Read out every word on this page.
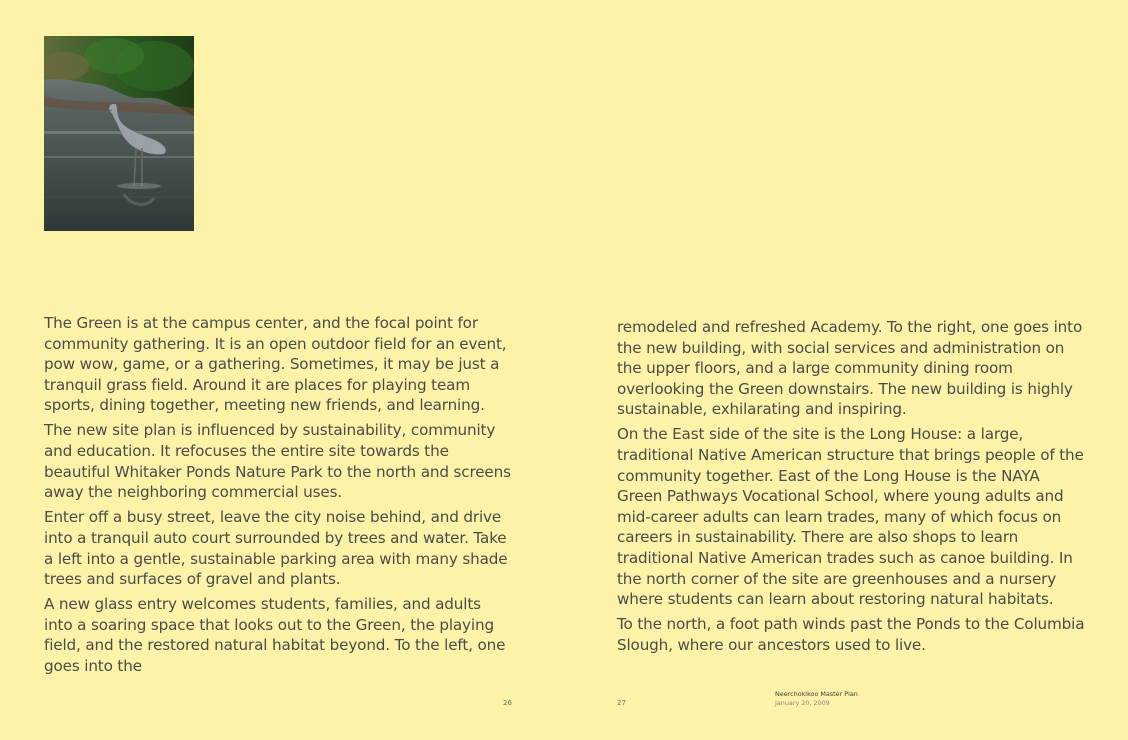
The Green is at the campus center, and the focal point for community gathering. It is an open outdoor field for an event, pow wow, game, or a gathering. Sometimes, it may be just a tranquil grass field. Around it are places for playing team sports, dining together, meeting new friends, and learning.

The new site plan is influenced by sustainability, community and education. It refocuses the entire site towards the beautiful Whitaker Ponds Nature Park to the north and screens away the neighboring commercial uses.

Enter off a busy street, leave the city noise behind, and drive into a tranquil auto court surrounded by trees and water. Take a left into a gentle, sustainable parking area with many shade trees and surfaces of gravel and plants.

A new glass entry welcomes students, families, and adults into a soaring space that looks out to the Green, the playing field, and the restored natural habitat beyond. To the left, one goes into the

remodeled and refreshed Academy. To the right, one goes into the new building, with social services and administration on the upper floors, and a large community dining room overlooking the Green downstairs. The new building is highly sustainable, exhilarating and inspiring.

On the East side of the site is the Long House: a large, traditional Native American structure that brings people of the community together. East of the Long House is the NAYA Green Pathways Vocational School, where young adults and mid-career adults can learn trades, many of which focus on careers in sustainability. There are also shops to learn traditional Native American trades such as canoe building. In the north corner of the site are greenhouses and a nursery where students can learn about restoring natural habitats.

To the north, a foot path winds past the Ponds to the Columbia Slough, where our ancestors used to live.

26	27
Neerchokikoo Master Plan
January 20, 2009
